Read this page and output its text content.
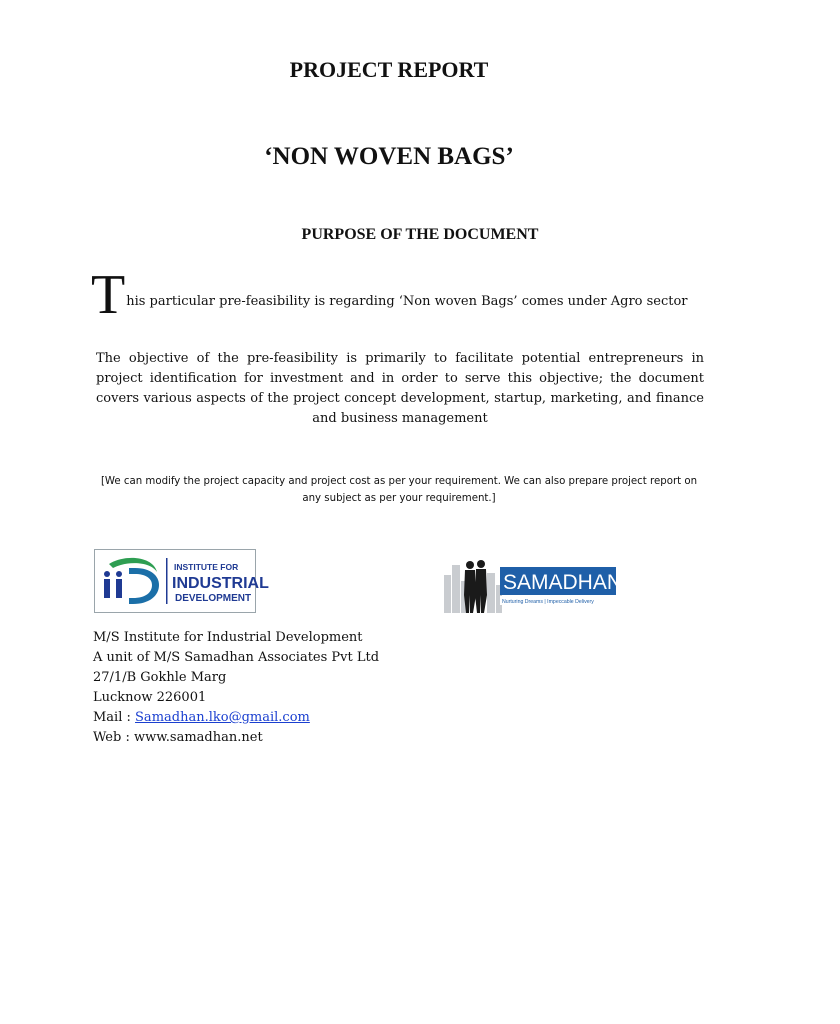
PROJECT REPORT
‘NON WOVEN BAGS’
PURPOSE OF THE DOCUMENT

This particular pre-feasibility is regarding ‘Non woven Bags’ comes under Agro sector

The objective of the pre-feasibility is primarily to facilitate potential entrepreneurs in project identification for investment and in order to serve this objective; the document covers various aspects of the project concept development, startup, marketing, and finance and business management

[We can modify the project capacity and project cost as per your requirement. We can also prepare project report on any subject as per your requirement.]

INSTITUTE FOR
INDUSTRIAL
DEVELOPMENT
SAMADHAN
Nurturing Dreams | Impeccable Delivery
M/S Institute for Industrial Development
A unit of M/S Samadhan Associates Pvt Ltd
27/1/B Gokhle Marg
Lucknow 226001
Mail : Samadhan.lko@gmail.com
Web : www.samadhan.net
